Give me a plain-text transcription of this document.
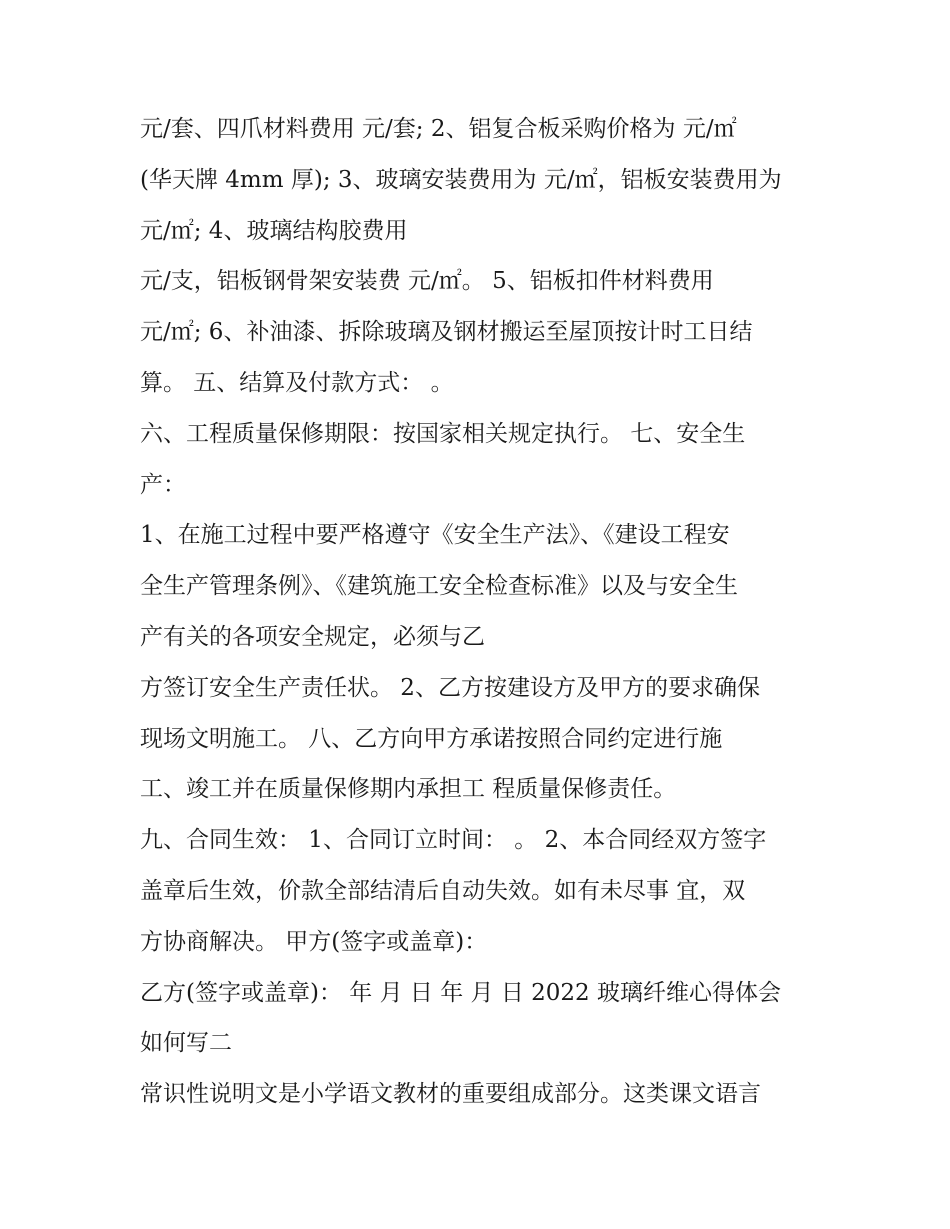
元/套、四爪材料费用 元/套; 2、铝复合板采购价格为 元/㎡
(华天牌 4mm 厚); 3、玻璃安装费用为 元/㎡，铝板安装费用为
元/㎡; 4、玻璃结构胶费用
元/支，铝板钢骨架安装费 元/㎡。 5、铝板扣件材料费用
元/㎡; 6、补油漆、拆除玻璃及钢材搬运至屋顶按计时工日结
算。 五、结算及付款方式： 。
六、工程质量保修期限：按国家相关规定执行。 七、安全生
产：
1、在施工过程中要严格遵守《安全生产法》、《建设工程安
全生产管理条例》、《建筑施工安全检查标准》以及与安全生
产有关的各项安全规定，必须与乙
方签订安全生产责任状。 2、乙方按建设方及甲方的要求确保
现场文明施工。 八、乙方向甲方承诺按照合同约定进行施
工、竣工并在质量保修期内承担工 程质量保修责任。
九、合同生效： 1、合同订立时间： 。 2、本合同经双方签字
盖章后生效，价款全部结清后自动失效。如有未尽事 宜，双
方协商解决。 甲方(签字或盖章)：
乙方(签字或盖章)： 年 月 日 年 月 日 2022 玻璃纤维心得体会
如何写二
常识性说明文是小学语文教材的重要组成部分。这类课文语言
